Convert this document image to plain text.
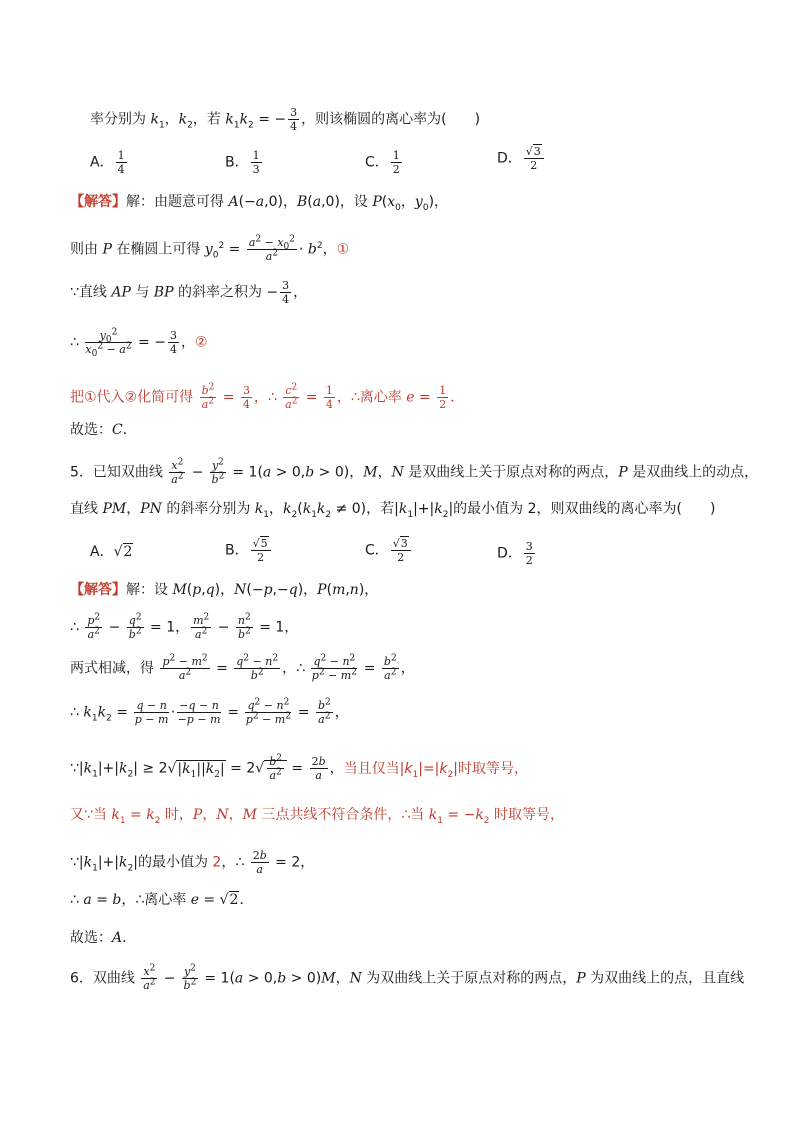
率分别为 $k_1$，$k_2$，若 $k_1k_2$ = − $\frac{3}{4}$ ，则该椭圆的离心率为(　　)
A． $\frac{1}{4}$	B． $\frac{1}{3}$	C． $\frac{1}{2}$	D． $\frac{√3}{2}$
【解答】解：由题意可得 A(−a,0)，B(a,0)，设 $P(x_0$，$y_0$)，
则由 P 在椭圆上可得 $y_0^2 = \frac{a^2 - x_0^2}{a^2} \cdot b^2$，①
∵直线 AP 与 BP 的斜率之积为 − $\frac{3}{4}$ ，
∴ $\frac{y_0^2}{x_0^2 - a^2}$ = − $\frac{3}{4}$ ，②
把①代入②化简可得 $\frac{b^2}{a^2} = \frac{3}{4}$ ，∴ $\frac{c^2}{a^2} = \frac{1}{4}$ ，∴离心率 $e = \frac{1}{2}$ ．
故选：C．
5．已知双曲线 $\frac{x^2}{a^2} - \frac{y^2}{b^2} = 1(a > 0,b > 0)$，M，N 是双曲线上关于原点对称的两点，P 是双曲线上的动点，
直线 PM，PN 的斜率分别为 $k_1$，$k_2(k_1k_2 \ne 0)$，若$|k_1|+|k_2|$的最小值为 2，则双曲线的离心率为(　　)
A．√2	B． $\frac{√5}{2}$	C． $\frac{√3}{2}$	D． $\frac{3}{2}$
【解答】解：设 M(p,q)，N(−p,−q)，P(m,n)，
∴ $\frac{p^2}{a^2} - \frac{q^2}{b^2} = 1$， $\frac{m^2}{a^2} - \frac{n^2}{b^2} = 1$，
两式相减，得 $\frac{p^2 - m^2}{a^2} = \frac{q^2 - n^2}{b^2}$ ，∴ $\frac{q^2 - n^2}{p^2 - m^2} = \frac{b^2}{a^2}$ ，
∴ $k_1k_2 = \frac{q - n}{p - m} \cdot \frac{-q - n}{-p - m} = \frac{q^2 - n^2}{p^2 - m^2} = \frac{b^2}{a^2}$ ，
$\because|k_1|+|k_2| \ge 2√|k_1||k_2| = 2√ \frac{b^2}{a^2} = \frac{2b}{a}$ ，当且仅当$|k_1|=|k_2|$时取等号，
又∵当 $k_1 = k_2$ 时，P，N，M 三点共线不符合条件，∴当 $k_1 = -k_2$ 时取等号，
$\because|k_1|+|k_2|$的最小值为 2，∴ $\frac{2b}{a} = 2$，
∴ a = b，∴离心率 e = √2．
故选：A．
6．双曲线 $\frac{x^2}{a^2} - \frac{y^2}{b^2} = 1(a > 0,b > 0)M$，N 为双曲线上关于原点对称的两点，P 为双曲线上的点，且直线
